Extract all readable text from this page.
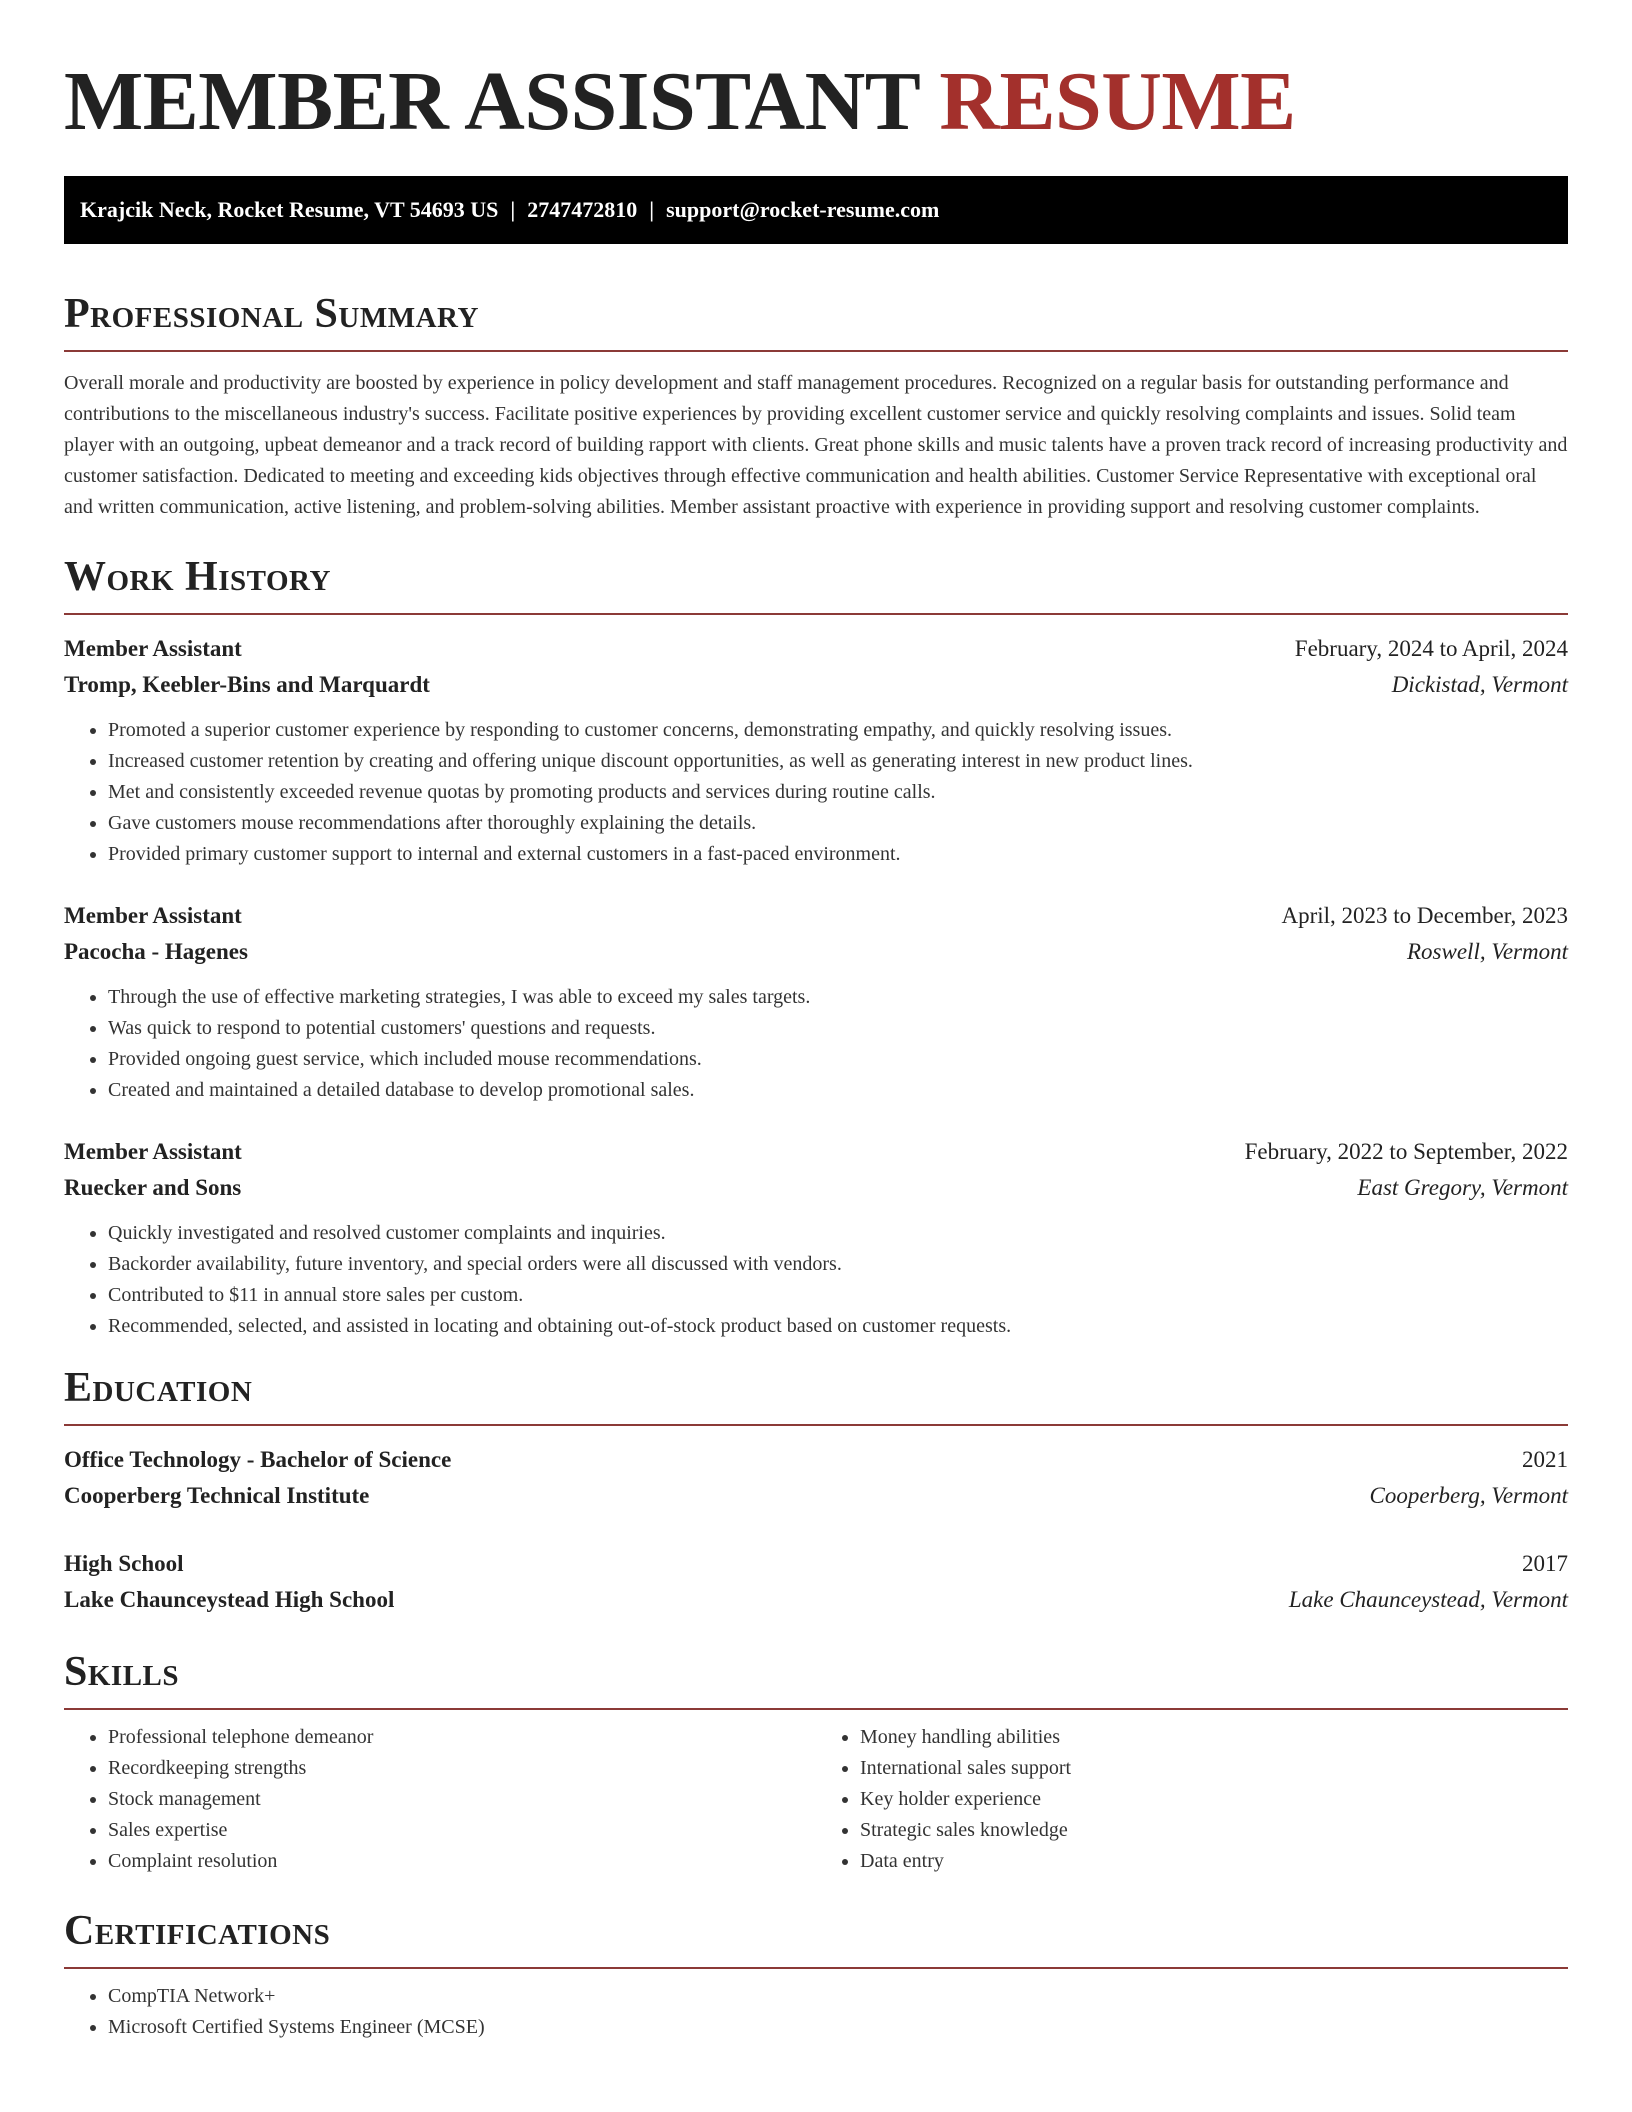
MEMBER ASSISTANT RESUME
Krajcik Neck, Rocket Resume, VT 54693 US | 2747472810 | support@rocket-resume.com
Professional Summary

Overall morale and productivity are boosted by experience in policy development and staff management procedures. Recognized on a regular basis for outstanding performance and contributions to the miscellaneous industry's success. Facilitate positive experiences by providing excellent customer service and quickly resolving complaints and issues. Solid team player with an outgoing, upbeat demeanor and a track record of building rapport with clients. Great phone skills and music talents have a proven track record of increasing productivity and customer satisfaction. Dedicated to meeting and exceeding kids objectives through effective communication and health abilities. Customer Service Representative with exceptional oral and written communication, active listening, and problem-solving abilities. Member assistant proactive with experience in providing support and resolving customer complaints.

Work History
Member Assistant	February, 2024 to April, 2024
Tromp, Keebler-Bins and Marquardt	Dickistad, Vermont
• Promoted a superior customer experience by responding to customer concerns, demonstrating empathy, and quickly resolving issues.
• Increased customer retention by creating and offering unique discount opportunities, as well as generating interest in new product lines.
• Met and consistently exceeded revenue quotas by promoting products and services during routine calls.
• Gave customers mouse recommendations after thoroughly explaining the details.
• Provided primary customer support to internal and external customers in a fast-paced environment.
Member Assistant	April, 2023 to December, 2023
Pacocha - Hagenes	Roswell, Vermont
• Through the use of effective marketing strategies, I was able to exceed my sales targets.
• Was quick to respond to potential customers' questions and requests.
• Provided ongoing guest service, which included mouse recommendations.
• Created and maintained a detailed database to develop promotional sales.
Member Assistant	February, 2022 to September, 2022
Ruecker and Sons	East Gregory, Vermont
• Quickly investigated and resolved customer complaints and inquiries.
• Backorder availability, future inventory, and special orders were all discussed with vendors.
• Contributed to $11 in annual store sales per custom.
• Recommended, selected, and assisted in locating and obtaining out-of-stock product based on customer requests.
Education
Office Technology - Bachelor of Science	2021
Cooperberg Technical Institute	Cooperberg, Vermont
High School	2017
Lake Chaunceystead High School	Lake Chaunceystead, Vermont
Skills
• Professional telephone demeanor
• Recordkeeping strengths
• Stock management
• Sales expertise
• Complaint resolution
• Money handling abilities
• International sales support
• Key holder experience
• Strategic sales knowledge
• Data entry
Certifications
• CompTIA Network+
• Microsoft Certified Systems Engineer (MCSE)
